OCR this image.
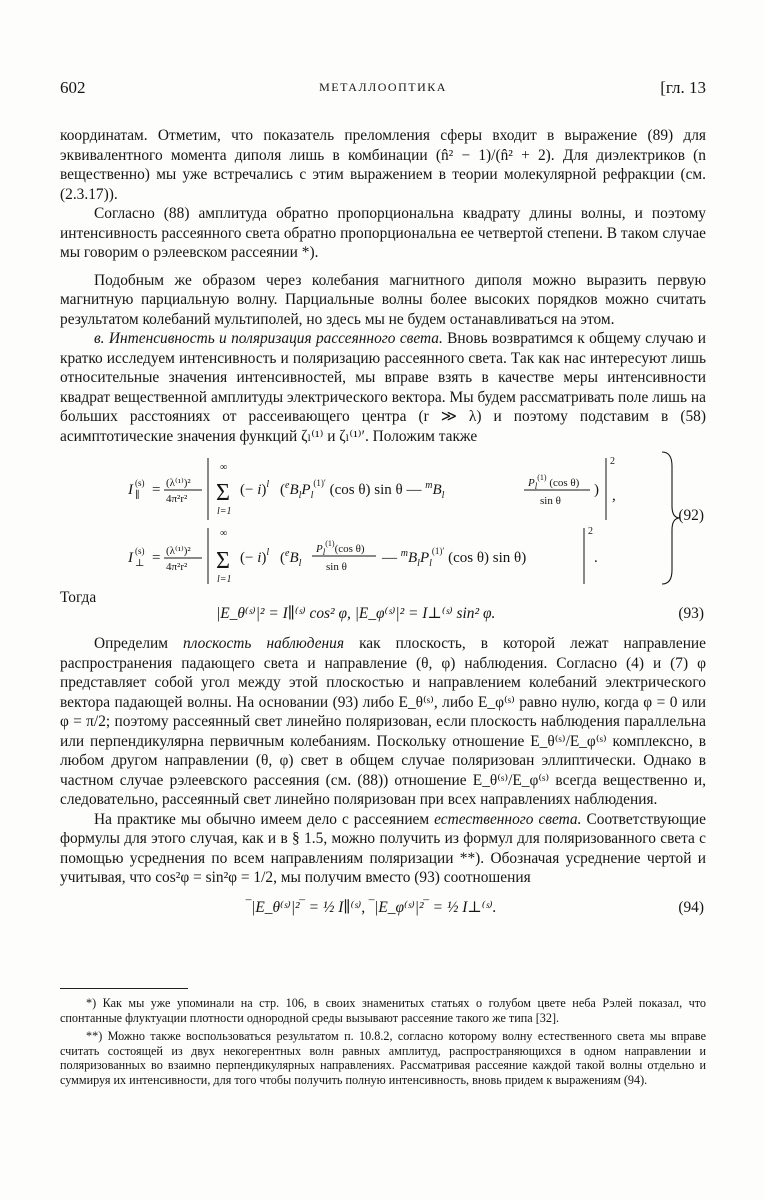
602	МЕТАЛЛООПТИКА	[гл. 13

координатам. Отметим, что показатель преломления сферы входит в выражение (89) для эквивалентного момента диполя лишь в комбинации (n̂² − 1)/(n̂² + 2). Для диэлектриков (n вещественно) мы уже встречались с этим выражением в теории молекулярной рефракции (см. (2.3.17)).

Согласно (88) амплитуда обратно пропорциональна квадрату длины волны, и поэтому интенсивность рассеянного света обратно пропорциональна ее четвертой степени. В таком случае мы говорим о рэлеевском рассеянии *).

Подобным же образом через колебания магнитного диполя можно выразить первую магнитную парциальную волну. Парциальные волны более высоких порядков можно считать результатом колебаний мультиполей, но здесь мы не будем останавливаться на этом.

в. Интенсивность и поляризация рассеянного света. Вновь возвратимся к общему случаю и кратко исследуем интенсивность и поляризацию рассеянного света. Так как нас интересуют лишь относительные значения интенсивностей, мы вправе взять в качестве меры интенсивности квадрат вещественной амплитуды электрического вектора. Мы будем рассматривать поле лишь на больших расстояниях от рассеивающего центра (r ≫ λ) и поэтому подставим в (58) асимптотические значения функций ζₗ⁽¹⁾ и ζₗ⁽¹⁾′. Положим также

I ∥
(s) = (λ⁽¹⁾)²
4π²r²
∞
Σ
l=1
(− i)$^l$ ($^eB_lP_l^{(1)'}$ (cos θ) sin θ — $^mB_l$
$P_l^{(1)}$ (cos θ)
sin θ
)
2
,
I ⊥
(s) = (λ⁽¹⁾)²
4π²r²
∞
Σ
l=1
(− i)$^l$ ($^eB_l$
$P_l^{(1)}(\cos$ θ)
sin θ
— $^mB_lP_l^{(1)'}$ (cos θ) sin θ)
2
.
(92)
Тогда
|E_θ⁽ˢ⁾|² = I∥⁽ˢ⁾ cos² φ, |E_φ⁽ˢ⁾|² = I⊥⁽ˢ⁾ sin² φ.	(93)

Определим плоскость наблюдения как плоскость, в которой лежат направление распространения падающего света и направление (θ, φ) наблюдения. Согласно (4) и (7) φ представляет собой угол между этой плоскостью и направлением колебаний электрического вектора падающей волны. На основании (93) либо E_θ⁽ˢ⁾, либо E_φ⁽ˢ⁾ равно нулю, когда φ = 0 или φ = π/2; поэтому рассеянный свет линейно поляризован, если плоскость наблюдения параллельна или перпендикулярна первичным колебаниям. Поскольку отношение E_θ⁽ˢ⁾/E_φ⁽ˢ⁾ комплексно, в любом другом направлении (θ, φ) свет в общем случае поляризован эллиптически. Однако в частном случае рэлеевского рассеяния (см. (88)) отношение E_θ⁽ˢ⁾/E_φ⁽ˢ⁾ всегда вещественно и, следовательно, рассеянный свет линейно поляризован при всех направлениях наблюдения.

На практике мы обычно имеем дело с рассеянием естественного света. Соответствующие формулы для этого случая, как и в § 1.5, можно получить из формул для поляризованного света с помощью усреднения по всем направлениям поляризации **). Обозначая усреднение чертой и учитывая, что cos²φ = sin²φ = 1/2, мы получим вместо (93) соотношения

‾|E_θ⁽ˢ⁾|²‾ = ½ I∥⁽ˢ⁾, ‾|E_φ⁽ˢ⁾|²‾ = ½ I⊥⁽ˢ⁾.	(94)

*) Как мы уже упоминали на стр. 106, в своих знаменитых статьях о голубом цвете неба Рэлей показал, что спонтанные флуктуации плотности однородной среды вызывают рассеяние такого же типа [32].

**) Можно также воспользоваться результатом п. 10.8.2, согласно которому волну естественного света мы вправе считать состоящей из двух некогерентных волн равных амплитуд, распространяющихся в одном направлении и поляризованных во взаимно перпендикулярных направлениях. Рассматривая рассеяние каждой такой волны отдельно и суммируя их интенсивности, для того чтобы получить полную интенсивность, вновь придем к выражениям (94).
